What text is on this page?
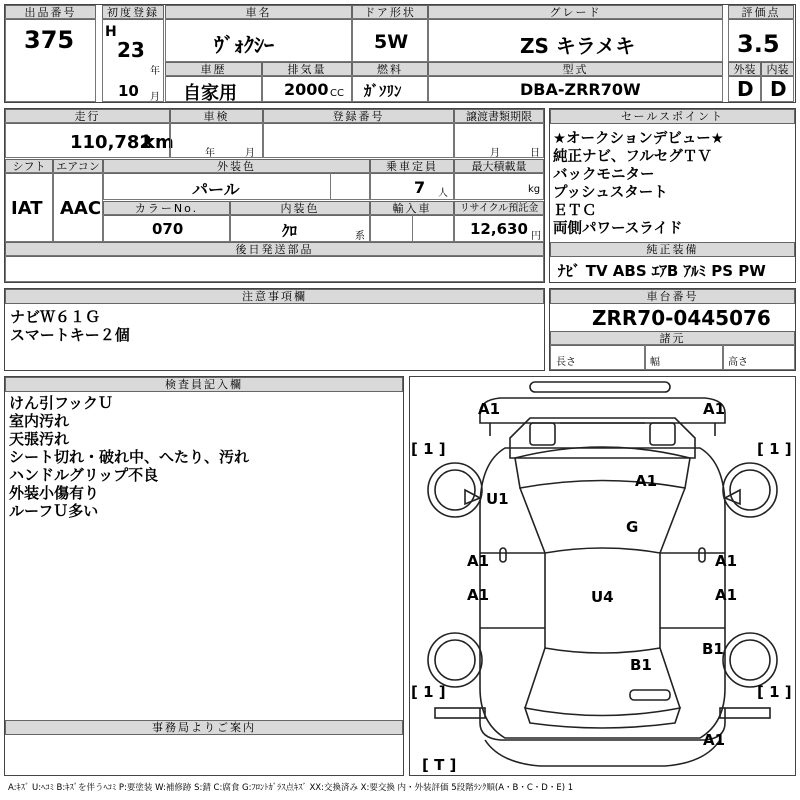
出品番号
375
初度登録
H
23
年
10 月
車名
ｳﾞｫｸｼｰ
ドア形状
5W
グレード
ZS キラメキ
評価点
3.5
車歴
自家用
排気量
2000 CC
燃料
ｶﾞｿﾘﾝ
型式
DBA-ZRR70W
外装
D
内装
D
走行
110,782
km
車検
年	月
登録番号	譲渡書類期限
月	日
シフト
IAT
エアコン
AAC
外装色
パール
乗車定員
7 人
最大積載量
kg
カラーNo.
070
内装色
ｸﾛ	系
輸入車	リサイクル預託金
12,630 円
後日発送部品
セールスポイント
★オークションデビュー★
純正ナビ、フルセグＴＶ
バックモニター
プッシュスタート
ＥＴＣ
両側パワースライド
純正装備
ﾅﾋﾞ TV ABS ｴｱB ｱﾙﾐ PS PW
注意事項欄
ナビＷ６１Ｇ
スマートキー２個
車台番号
ZRR70-0445076
諸元
長さ	幅	高さ
検査員記入欄
けん引フックＵ
室内汚れ
天張汚れ
シート切れ・破れ中、へたり、汚れ
ハンドルグリップ不良
外装小傷有り
ルーフＵ多い
事務局よりご案内
A1	A1
[ 1 ]	[ 1 ]
A1
U1
G
A1	A1
A1	A1
U4
B1
B1
[ 1 ]	[ 1 ]
A1
[ T ]
A:ｷｽﾞ U:ﾍｺﾐ B:ｷｽﾞを伴うﾍｺﾐ P:要塗装 W:補修跡 S:錆 C:腐食 G:ﾌﾛﾝﾄｶﾞﾗｽ点ｷｽﾞ XX:交換済み X:要交換 内・外装評価 5段階ﾗﾝｸ順(A・B・C・D・E) 1
